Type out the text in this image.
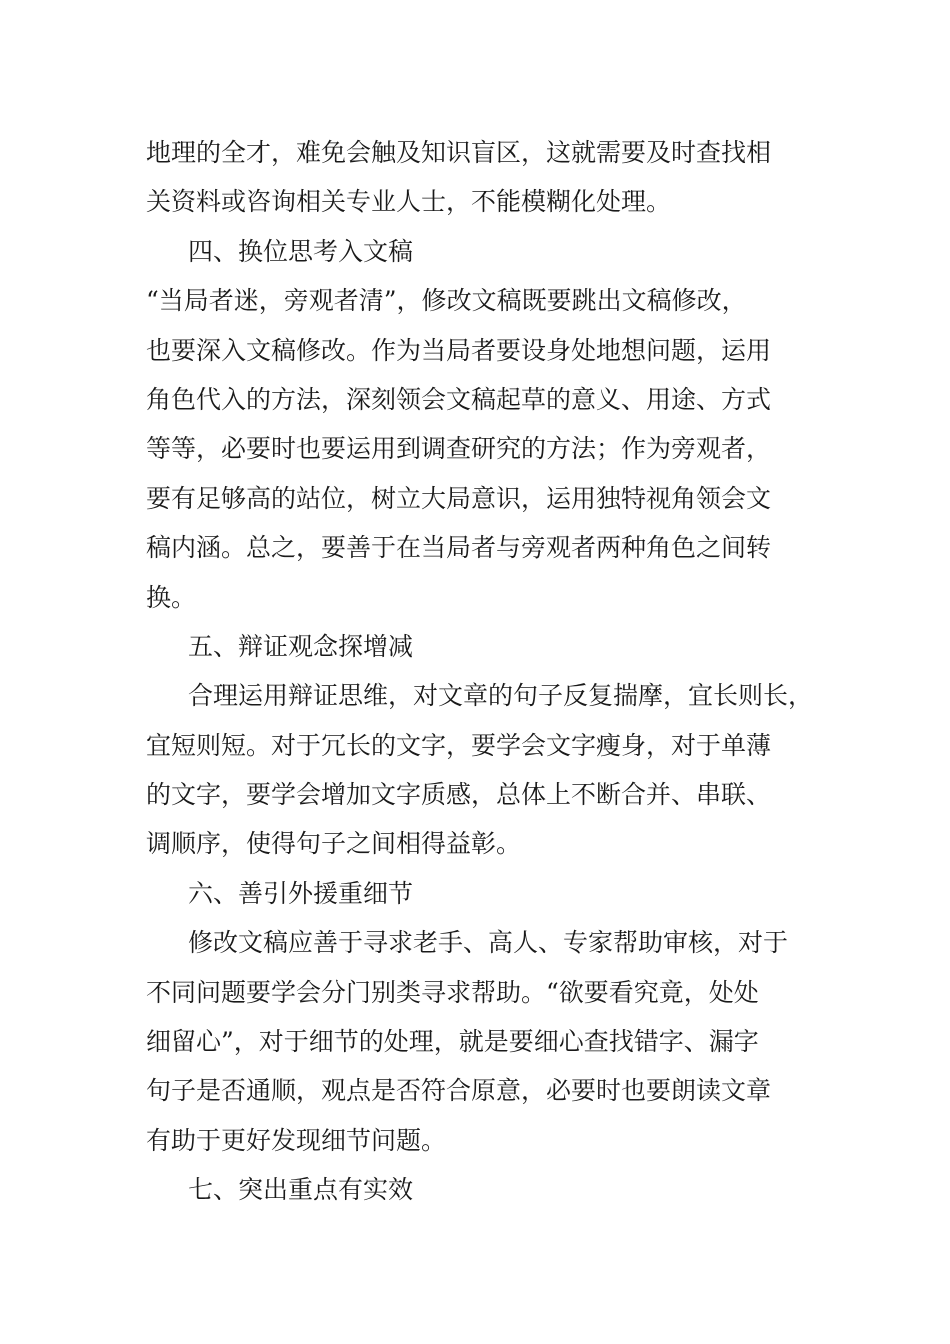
地理的全才，难免会触及知识盲区，这就需要及时查找相
关资料或咨询相关专业人士，不能模糊化处理。
四、换位思考入文稿
“当局者迷，旁观者清”，修改文稿既要跳出文稿修改，
也要深入文稿修改。作为当局者要设身处地想问题，运用
角色代入的方法，深刻领会文稿起草的意义、用途、方式
等等，必要时也要运用到调查研究的方法；作为旁观者，
要有足够高的站位，树立大局意识，运用独特视角领会文
稿内涵。总之，要善于在当局者与旁观者两种角色之间转
换。
五、辩证观念探增减
合理运用辩证思维，对文章的句子反复揣摩，宜长则长，
宜短则短。对于冗长的文字，要学会文字瘦身，对于单薄
的文字，要学会增加文字质感，总体上不断合并、串联、
调顺序，使得句子之间相得益彰。
六、善引外援重细节
修改文稿应善于寻求老手、高人、专家帮助审核，对于
不同问题要学会分门别类寻求帮助。“欲要看究竟，处处
细留心”，对于细节的处理，就是要细心查找错字、漏字
句子是否通顺，观点是否符合原意，必要时也要朗读文章
有助于更好发现细节问题。
七、突出重点有实效
